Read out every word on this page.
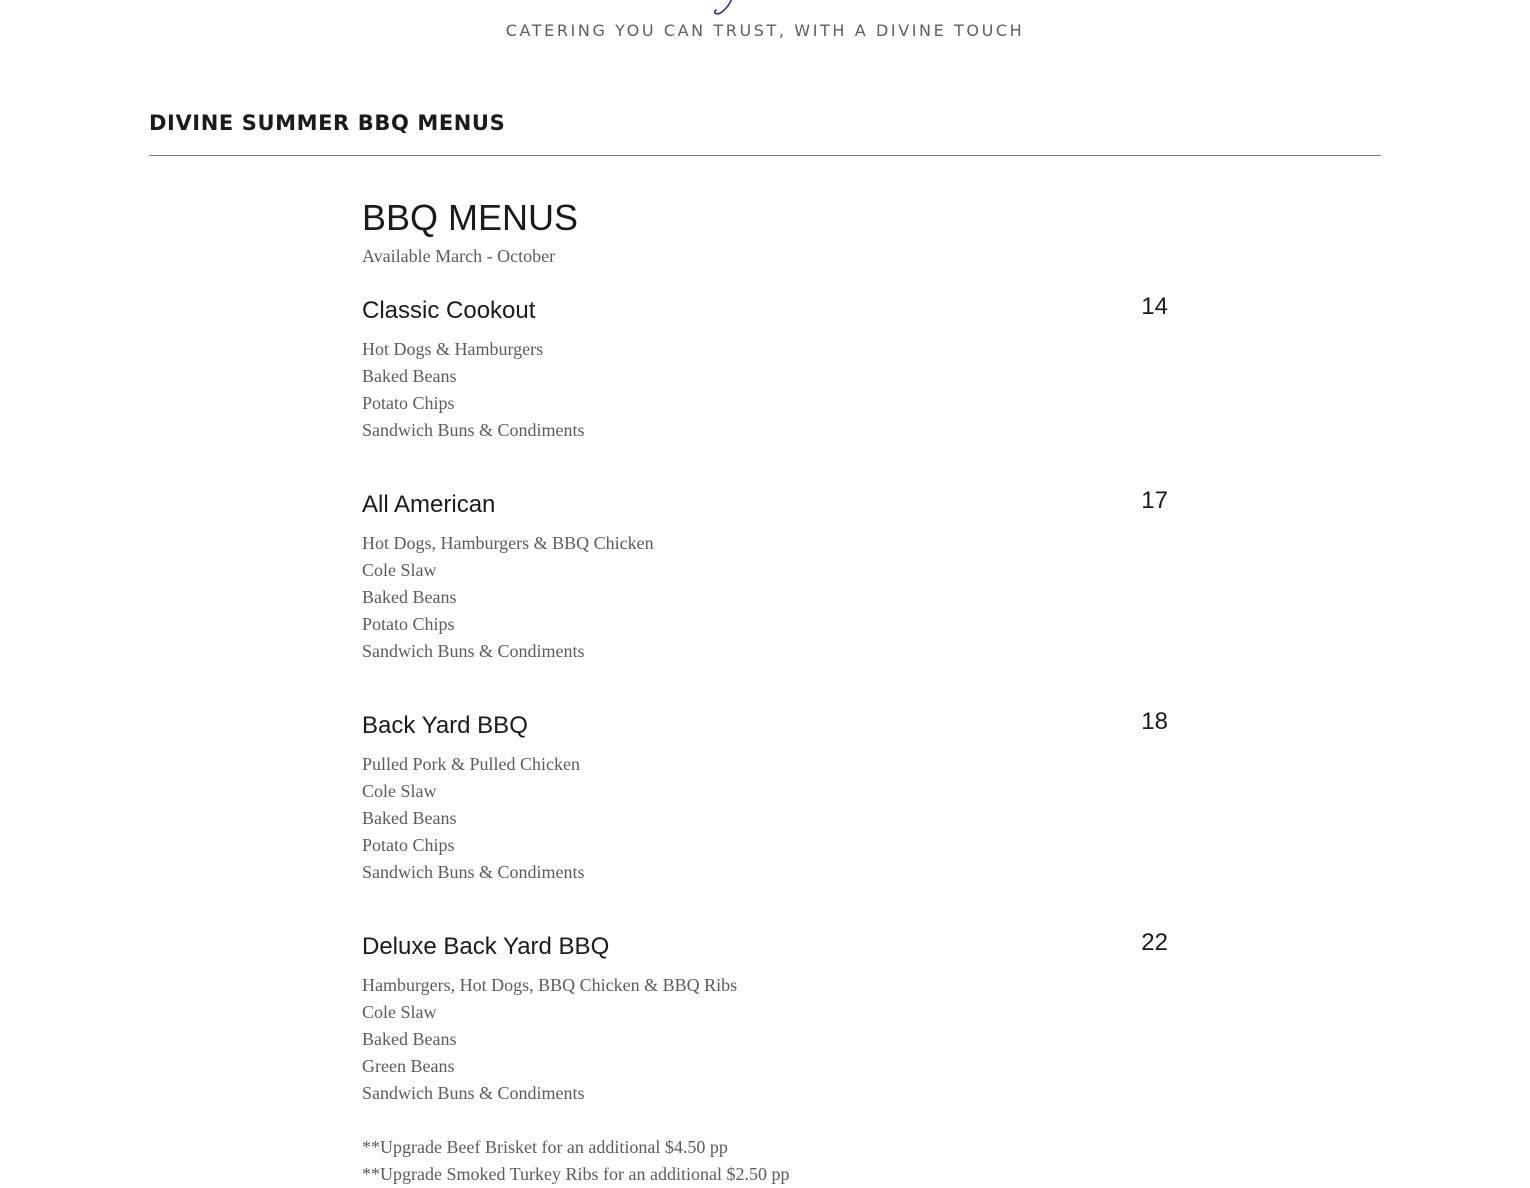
CATERING YOU CAN TRUST, WITH A DIVINE TOUCH
DIVINE SUMMER BBQ MENUS
BBQ MENUS

Available March - October

Classic Cookout	14
Hot Dogs & Hamburgers
Baked Beans
Potato Chips
Sandwich Buns & Condiments
All American	17
Hot Dogs, Hamburgers & BBQ Chicken
Cole Slaw
Baked Beans
Potato Chips
Sandwich Buns & Condiments
Back Yard BBQ	18
Pulled Pork & Pulled Chicken
Cole Slaw
Baked Beans
Potato Chips
Sandwich Buns & Condiments
Deluxe Back Yard BBQ	22
Hamburgers, Hot Dogs, BBQ Chicken & BBQ Ribs
Cole Slaw
Baked Beans
Green Beans
Sandwich Buns & Condiments
**Upgrade Beef Brisket for an additional $4.50 pp
**Upgrade Smoked Turkey Ribs for an additional $2.50 pp
